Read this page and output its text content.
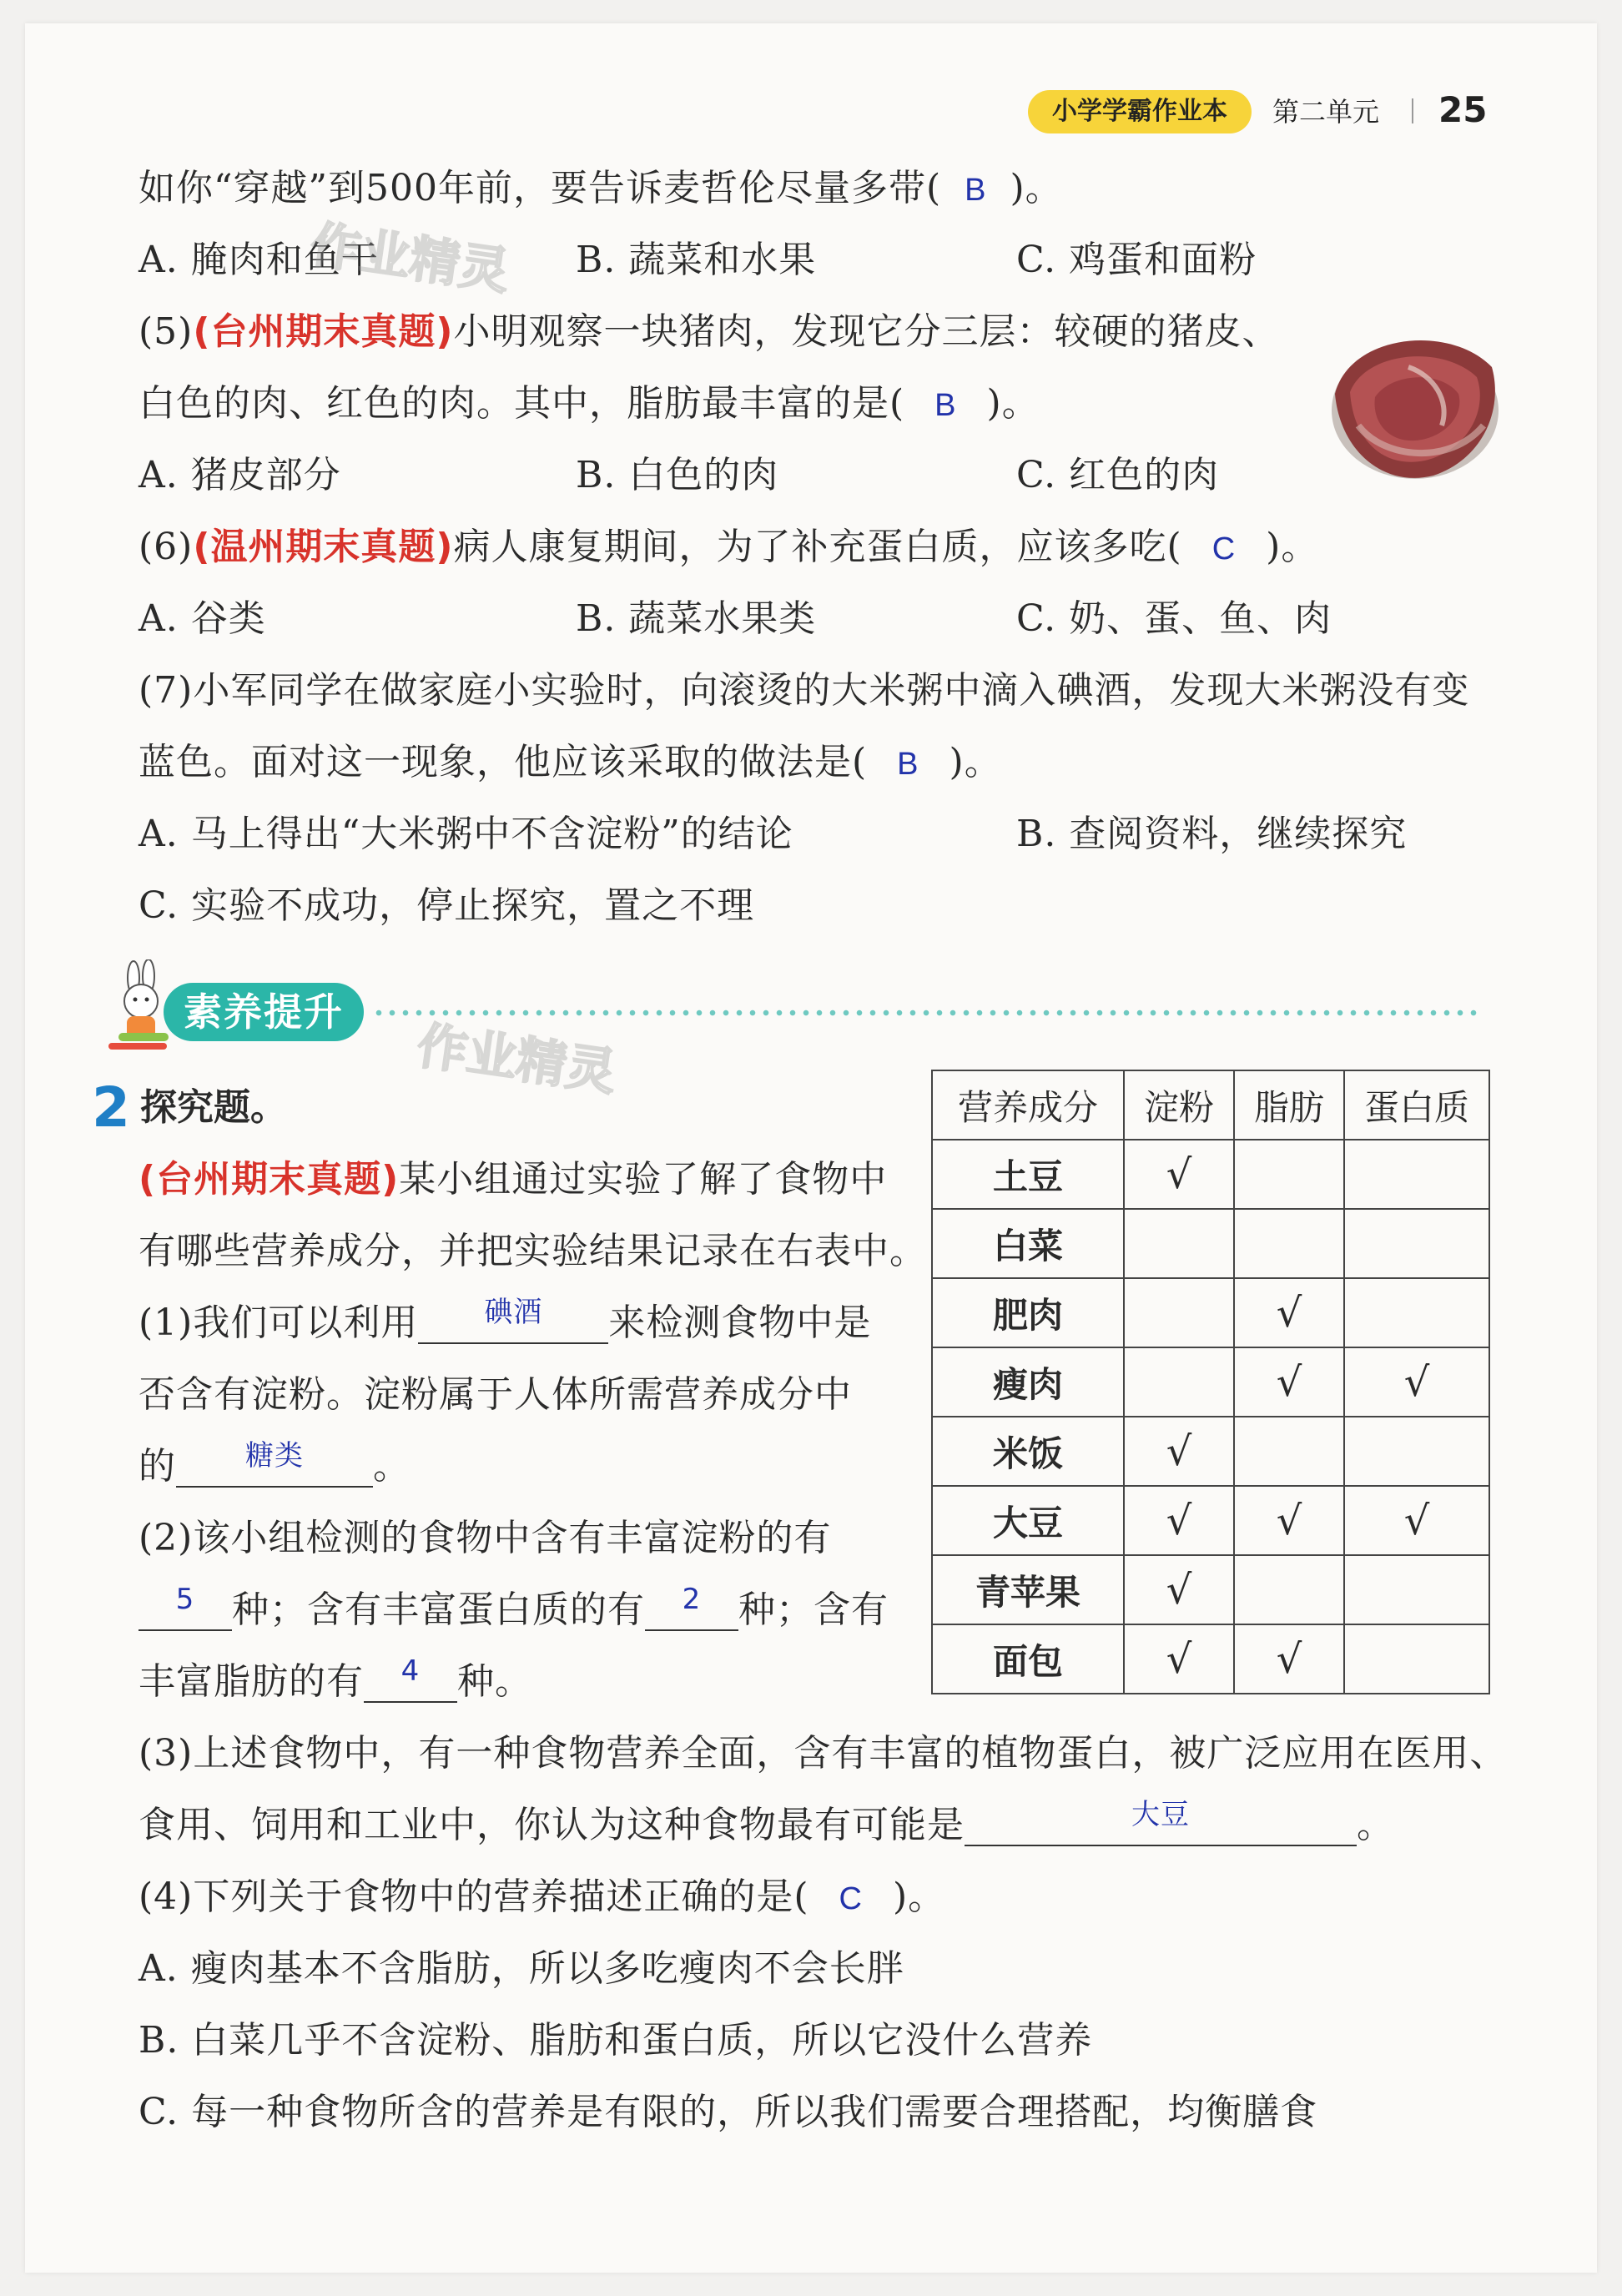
小学学霸作业本	第二单元 25
如你“穿越”到500年前，要告诉麦哲伦尽量多带( B )。
A. 腌肉和鱼干	B. 蔬菜和水果	C. 鸡蛋和面粉
作业精灵
(5)(台州期末真题)小明观察一块猪肉，发现它分三层：较硬的猪皮、
白色的肉、红色的肉。其中，脂肪最丰富的是( B )。
A. 猪皮部分	B. 白色的肉	C. 红色的肉
(6)(温州期末真题)病人康复期间，为了补充蛋白质，应该多吃( C )。
A. 谷类	B. 蔬菜水果类	C. 奶、蛋、鱼、肉
(7)小军同学在做家庭小实验时，向滚烫的大米粥中滴入碘酒，发现大米粥没有变
蓝色。面对这一现象，他应该采取的做法是( B )。
A. 马上得出“大米粥中不含淀粉”的结论	B. 查阅资料，继续探究
C. 实验不成功，停止探究，置之不理
素养提升
作业精灵
2 探究题。
(台州期末真题)某小组通过实验了解了食物中
有哪些营养成分，并把实验结果记录在右表中。
(1)我们可以利用 $^{碘酒}$ 来检测食物中是
否含有淀粉。淀粉属于人体所需营养成分中
的 $^{糖类}$ 。
(2)该小组检测的食物中含有丰富淀粉的有
$^5$ 种；含有丰富蛋白质的有 $^2$ 种；含有
丰富脂肪的有 $^4$ 种。
营养成分	淀粉	脂肪	蛋白质
土豆	√		
白菜			
肥肉		√	
瘦肉		√	√
米饭	√		
大豆	√	√	√
青苹果	√		
面包	√	√	
(3)上述食物中，有一种食物营养全面，含有丰富的植物蛋白，被广泛应用在医用、
食用、饲用和工业中，你认为这种食物最有可能是	$^{大豆}$	。
(4)下列关于食物中的营养描述正确的是( C )。
A. 瘦肉基本不含脂肪，所以多吃瘦肉不会长胖
B. 白菜几乎不含淀粉、脂肪和蛋白质，所以它没什么营养
C. 每一种食物所含的营养是有限的，所以我们需要合理搭配，均衡膳食
